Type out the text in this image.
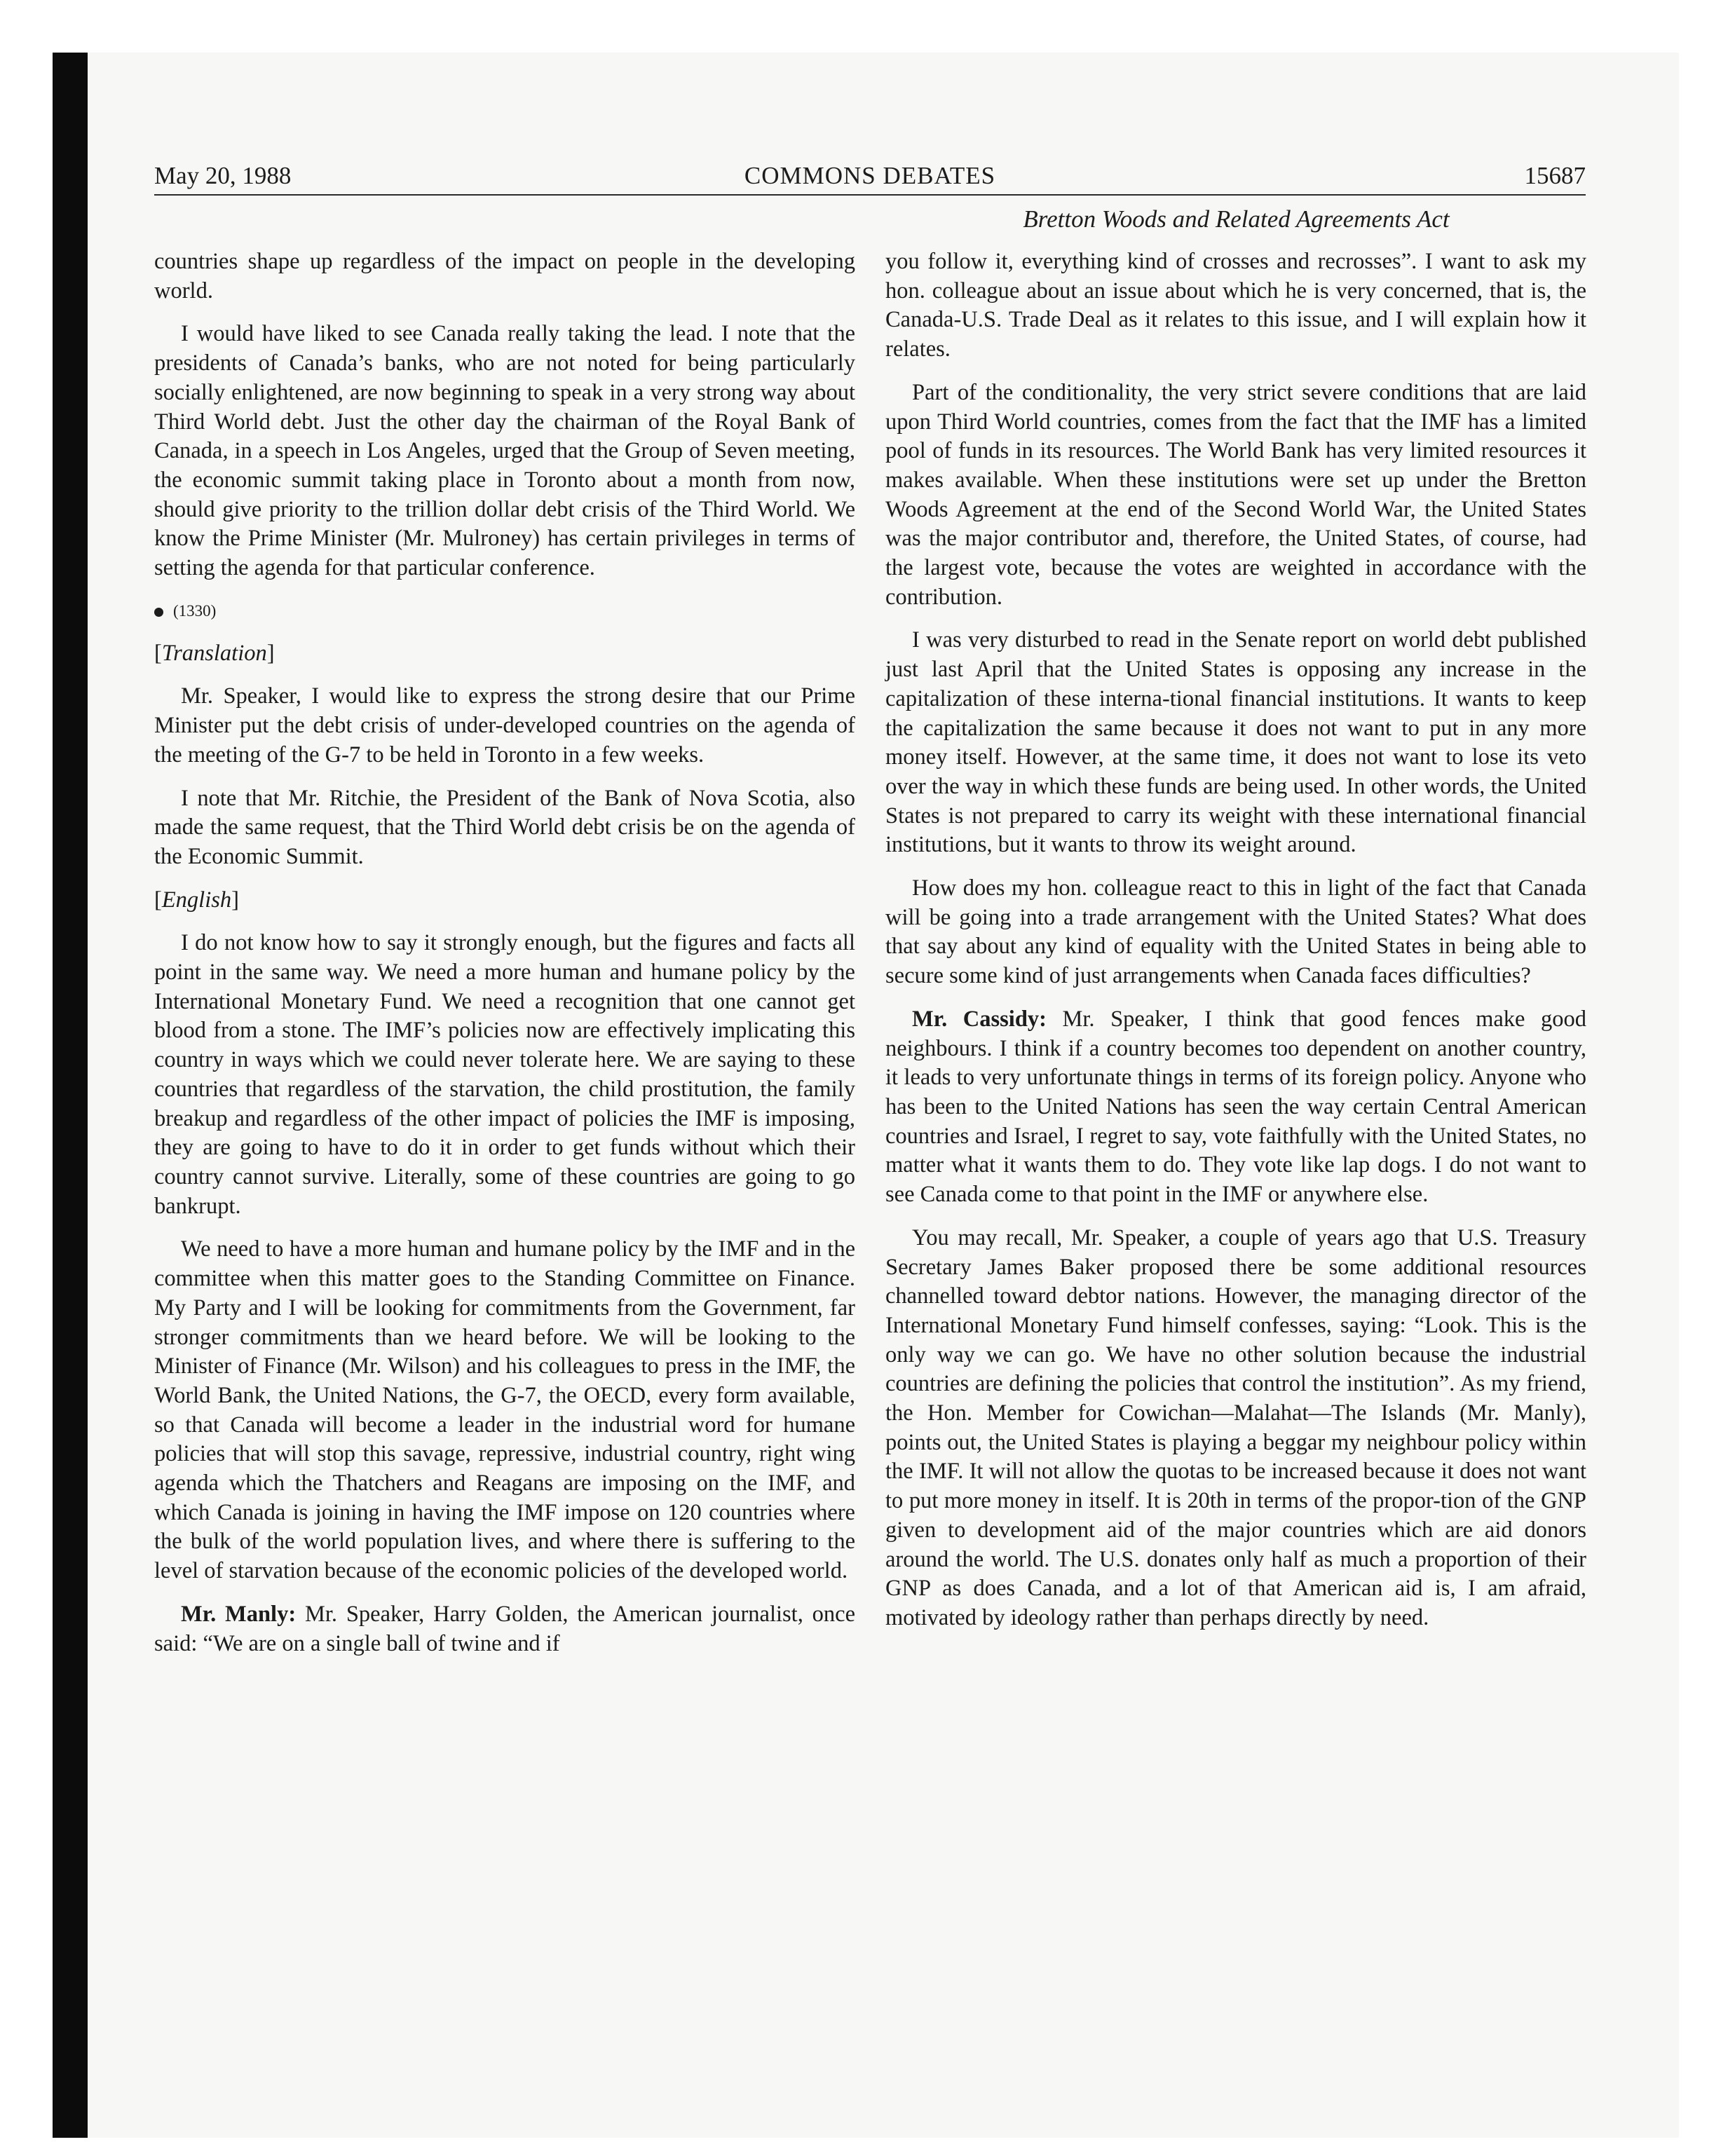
May 20, 1988	COMMONS DEBATES	15687
Bretton Woods and Related Agreements Act

countries shape up regardless of the impact on people in the developing world.

I would have liked to see Canada really taking the lead. I note that the presidents of Canada’s banks, who are not noted for being particularly socially enlightened, are now beginning to speak in a very strong way about Third World debt. Just the other day the chairman of the Royal Bank of Canada, in a speech in Los Angeles, urged that the Group of Seven meeting, the economic summit taking place in Toronto about a month from now, should give priority to the trillion dollar debt crisis of the Third World. We know the Prime Minister (Mr. Mulroney) has certain privileges in terms of setting the agenda for that particular conference.

(1330)
[Translation]

Mr. Speaker, I would like to express the strong desire that our Prime Minister put the debt crisis of under-developed countries on the agenda of the meeting of the G-7 to be held in Toronto in a few weeks.

I note that Mr. Ritchie, the President of the Bank of Nova Scotia, also made the same request, that the Third World debt crisis be on the agenda of the Economic Summit.

[English]

I do not know how to say it strongly enough, but the figures and facts all point in the same way. We need a more human and humane policy by the International Monetary Fund. We need a recognition that one cannot get blood from a stone. The IMF’s policies now are effectively implicating this country in ways which we could never tolerate here. We are saying to these countries that regardless of the starvation, the child prostitution, the family breakup and regardless of the other impact of policies the IMF is imposing, they are going to have to do it in order to get funds without which their country cannot survive. Literally, some of these countries are going to go bankrupt.

We need to have a more human and humane policy by the IMF and in the committee when this matter goes to the Standing Committee on Finance. My Party and I will be looking for commitments from the Government, far stronger commitments than we heard before. We will be looking to the Minister of Finance (Mr. Wilson) and his colleagues to press in the IMF, the World Bank, the United Nations, the G-7, the OECD, every form available, so that Canada will become a leader in the industrial word for humane policies that will stop this savage, repressive, industrial country, right wing agenda which the Thatchers and Reagans are imposing on the IMF, and which Canada is joining in having the IMF impose on 120 countries where the bulk of the world population lives, and where there is suffering to the level of starvation because of the economic policies of the developed world.

Mr. Manly: Mr. Speaker, Harry Golden, the American journalist, once said: “We are on a single ball of twine and if

you follow it, everything kind of crosses and recrosses”. I want to ask my hon. colleague about an issue about which he is very concerned, that is, the Canada-U.S. Trade Deal as it relates to this issue, and I will explain how it relates.

Part of the conditionality, the very strict severe conditions that are laid upon Third World countries, comes from the fact that the IMF has a limited pool of funds in its resources. The World Bank has very limited resources it makes available. When these institutions were set up under the Bretton Woods Agreement at the end of the Second World War, the United States was the major contributor and, therefore, the United States, of course, had the largest vote, because the votes are weighted in accordance with the contribution.

I was very disturbed to read in the Senate report on world debt published just last April that the United States is opposing any increase in the capitalization of these interna-tional financial institutions. It wants to keep the capitalization the same because it does not want to put in any more money itself. However, at the same time, it does not want to lose its veto over the way in which these funds are being used. In other words, the United States is not prepared to carry its weight with these international financial institutions, but it wants to throw its weight around.

How does my hon. colleague react to this in light of the fact that Canada will be going into a trade arrangement with the United States? What does that say about any kind of equality with the United States in being able to secure some kind of just arrangements when Canada faces difficulties?

Mr. Cassidy: Mr. Speaker, I think that good fences make good neighbours. I think if a country becomes too dependent on another country, it leads to very unfortunate things in terms of its foreign policy. Anyone who has been to the United Nations has seen the way certain Central American countries and Israel, I regret to say, vote faithfully with the United States, no matter what it wants them to do. They vote like lap dogs. I do not want to see Canada come to that point in the IMF or anywhere else.

You may recall, Mr. Speaker, a couple of years ago that U.S. Treasury Secretary James Baker proposed there be some additional resources channelled toward debtor nations. However, the managing director of the International Monetary Fund himself confesses, saying: “Look. This is the only way we can go. We have no other solution because the industrial countries are defining the policies that control the institution”. As my friend, the Hon. Member for Cowichan—Malahat—The Islands (Mr. Manly), points out, the United States is playing a beggar my neighbour policy within the IMF. It will not allow the quotas to be increased because it does not want to put more money in itself. It is 20th in terms of the propor-tion of the GNP given to development aid of the major countries which are aid donors around the world. The U.S. donates only half as much a proportion of their GNP as does Canada, and a lot of that American aid is, I am afraid, motivated by ideology rather than perhaps directly by need.
